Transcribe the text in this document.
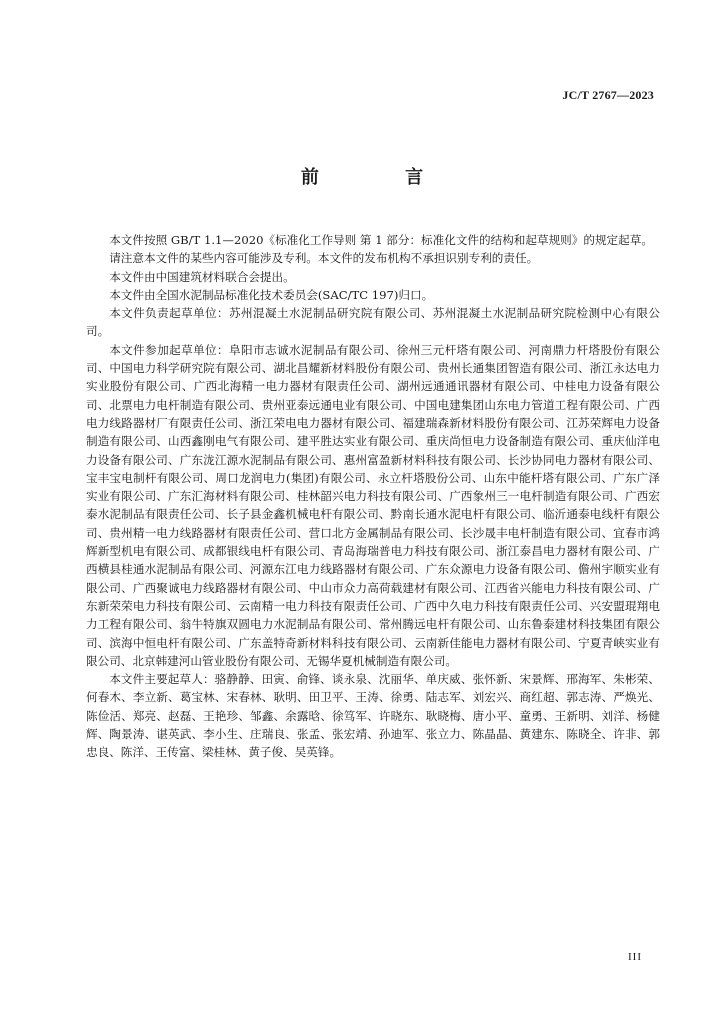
JC/T 2767—2023
前 言

本文件按照 GB/T 1.1—2020《标准化工作导则 第 1 部分：标准化文件的结构和起草规则》的规定起草。

请注意本文件的某些内容可能涉及专利。本文件的发布机构不承担识别专利的责任。

本文件由中国建筑材料联合会提出。

本文件由全国水泥制品标准化技术委员会(SAC/TC 197)归口。

本文件负责起草单位：苏州混凝土水泥制品研究院有限公司、苏州混凝土水泥制品研究院检测中心有限公司。

本文件参加起草单位：阜阳市志诚水泥制品有限公司、徐州三元杆塔有限公司、河南鼎力杆塔股份有限公司、中国电力科学研究院有限公司、湖北昌耀新材料股份有限公司、贵州长通集团智造有限公司、浙江永达电力实业股份有限公司、广西北海精一电力器材有限责任公司、湖州远通通讯器材有限公司、中桂电力设备有限公司、北票电力电杆制造有限公司、贵州亚泰远通电业有限公司、中国电建集团山东电力管道工程有限公司、广西电力线路器材厂有限责任公司、浙江荣电电力器材有限公司、福建瑞森新材料股份有限公司、江苏荣辉电力设备制造有限公司、山西鑫刚电气有限公司、建平胜达实业有限公司、重庆尚恒电力设备制造有限公司、重庆仙洋电力设备有限公司、广东泷江源水泥制品有限公司、惠州富盈新材料科技有限公司、长沙协同电力器材有限公司、宝丰宝电制杆有限公司、周口龙润电力(集团)有限公司、永立杆塔股份公司、山东中能杆塔有限公司、广东广泽实业有限公司、广东汇海材料有限公司、桂林韶兴电力科技有限公司、广西象州三一电杆制造有限公司、广西宏泰水泥制品有限责任公司、长子县金鑫机械电杆有限公司、黔南长通水泥电杆有限公司、临沂通泰电线杆有限公司、贵州精一电力线路器材有限责任公司、营口北方金属制品有限公司、长沙晟丰电杆制造有限公司、宜春市鸿辉新型机电有限公司、成都银线电杆有限公司、青岛海瑞普电力科技有限公司、浙江泰昌电力器材有限公司、广西横县桂通水泥制品有限公司、河源东江电力线路器材有限公司、广东众源电力设备有限公司、儋州宇顺实业有限公司、广西聚诚电力线路器材有限公司、中山市众力高荷载建材有限公司、江西省兴能电力科技有限公司、广东新荣荣电力科技有限公司、云南精一电力科技有限责任公司、广西中久电力科技有限责任公司、兴安盟琨翔电力工程有限公司、翁牛特旗双圆电力水泥制品有限公司、常州腾远电杆有限公司、山东鲁泰建材科技集团有限公司、滨海中恒电杆有限公司、广东盖特奇新材料科技有限公司、云南新佳能电力器材有限公司、宁夏青峡实业有限公司、北京韩建河山管业股份有限公司、无锡华夏机械制造有限公司。

本文件主要起草人：骆静静、田寅、俞锋、谈永泉、沈丽华、单庆威、张怀新、宋景辉、邢海军、朱彬荣、何春木、李立新、葛宝林、宋春林、耿明、田卫平、王涛、徐勇、陆志军、刘宏兴、商红超、郭志涛、严焕光、陈俭活、郑亮、赵磊、王艳珍、邹鑫、余露晗、徐笃军、许晓东、耿晓梅、唐小平、童勇、王新明、刘洋、杨健辉、陶景涛、谌英武、李小生、庄瑞良、张孟、张宏靖、孙迪军、张立力、陈晶晶、黄建东、陈晓全、许非、郭忠良、陈洋、王传富、梁桂林、黄子俊、吴英锋。

III
